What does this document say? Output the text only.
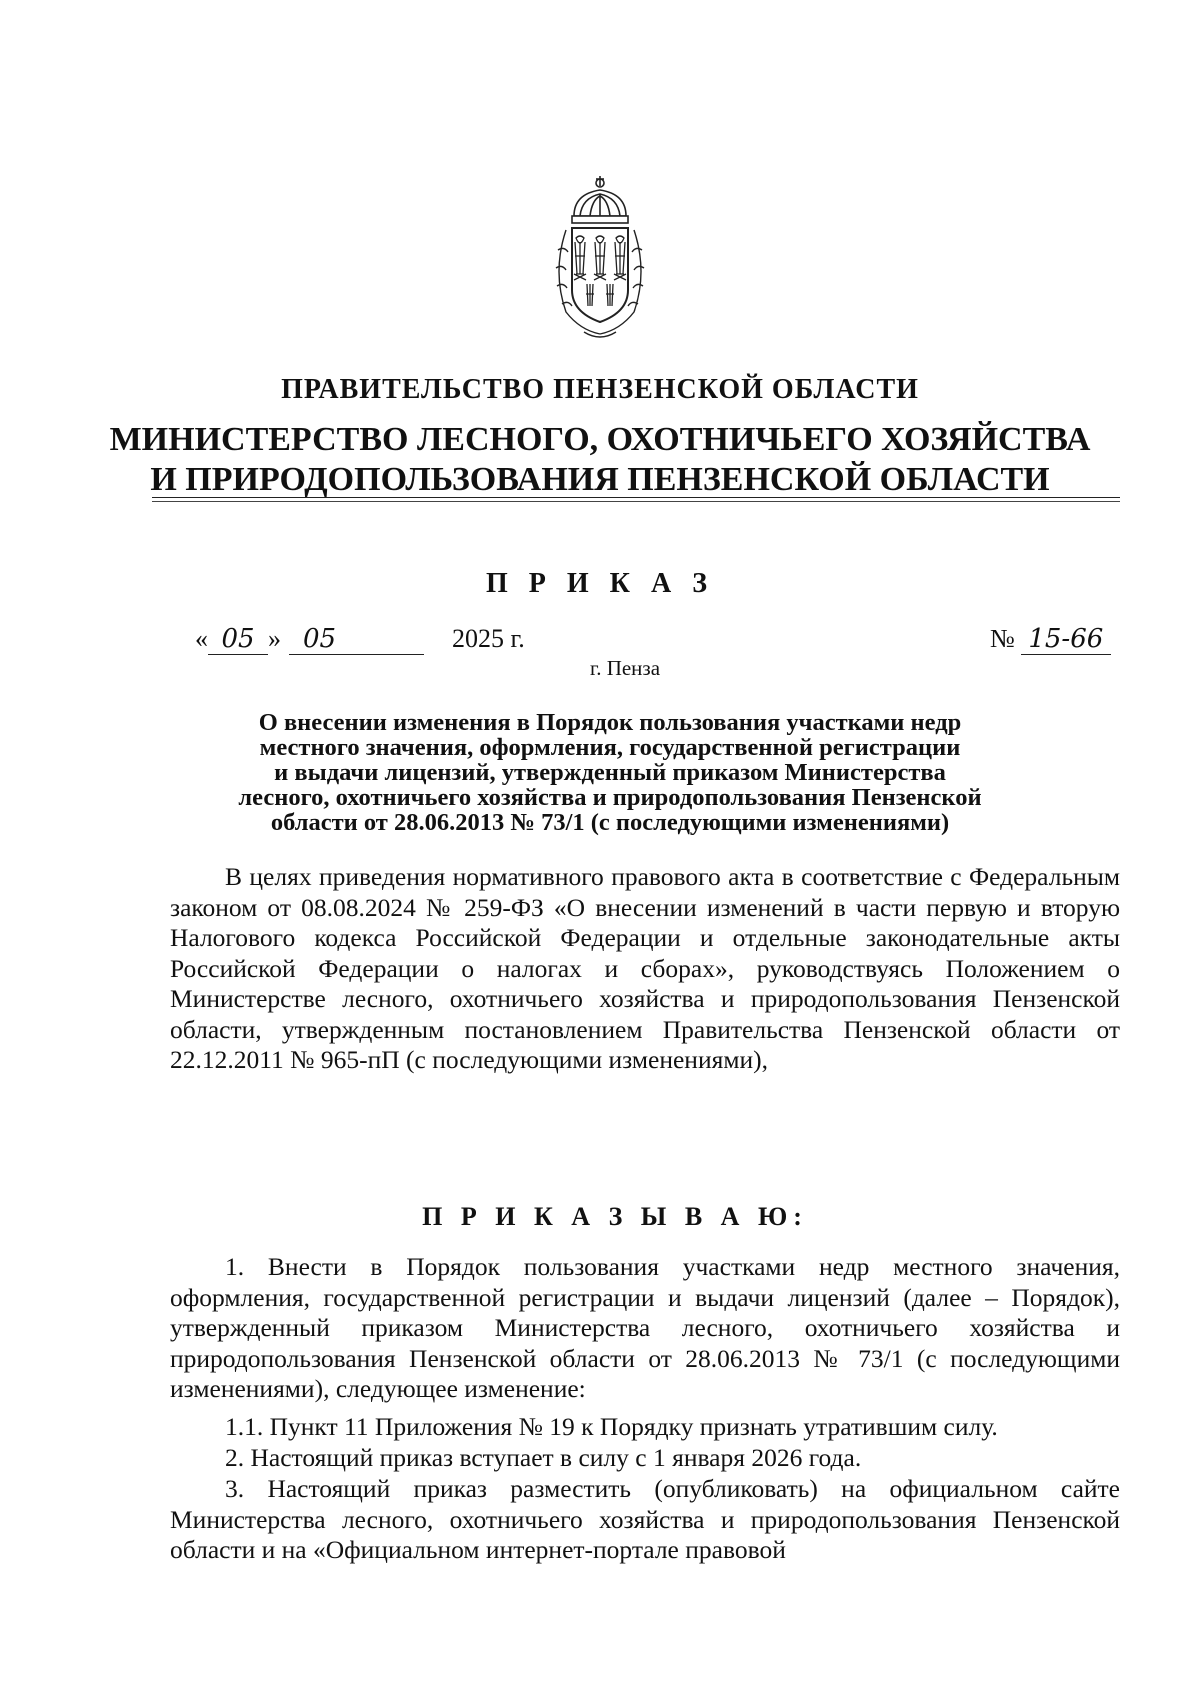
ПРАВИТЕЛЬСТВО ПЕНЗЕНСКОЙ ОБЛАСТИ
МИНИСТЕРСТВО ЛЕСНОГО, ОХОТНИЧЬЕГО ХОЗЯЙСТВА
И ПРИРОДОПОЛЬЗОВАНИЯ ПЕНЗЕНСКОЙ ОБЛАСТИ
П Р И К А З
« 05 » 05	2025 г.	№ 15-66
г. Пенза
О внесении изменения в Порядок пользования участками недр
местного значения, оформления, государственной регистрации
и выдачи лицензий, утвержденный приказом Министерства
лесного, охотничьего хозяйства и природопользования Пензенской
области от 28.06.2013 № 73/1 (с последующими изменениями)

В целях приведения нормативного правового акта в соответствие с Федеральным законом от 08.08.2024 № 259-ФЗ «О внесении изменений в части первую и вторую Налогового кодекса Российской Федерации и отдельные законодательные акты Российской Федерации о налогах и сборах», руководствуясь Положением о Министерстве лесного, охотничьего хозяйства и природопользования Пензенской области, утвержденным постановлением Правительства Пензенской области от 22.12.2011 № 965-пП (с последующими изменениями),

П Р И К А З Ы В А Ю:

1. Внести в Порядок пользования участками недр местного значения, оформления, государственной регистрации и выдачи лицензий (далее – Порядок), утвержденный приказом Министерства лесного, охотничьего хозяйства и природопользования Пензенской области от 28.06.2013 № 73/1 (с последующими изменениями), следующее изменение:

1.1. Пункт 11 Приложения № 19 к Порядку признать утратившим силу.

2. Настоящий приказ вступает в силу с 1 января 2026 года.

3. Настоящий приказ разместить (опубликовать) на официальном сайте Министерства лесного, охотничьего хозяйства и природопользования Пензенской области и на «Официальном интернет-портале правовой
